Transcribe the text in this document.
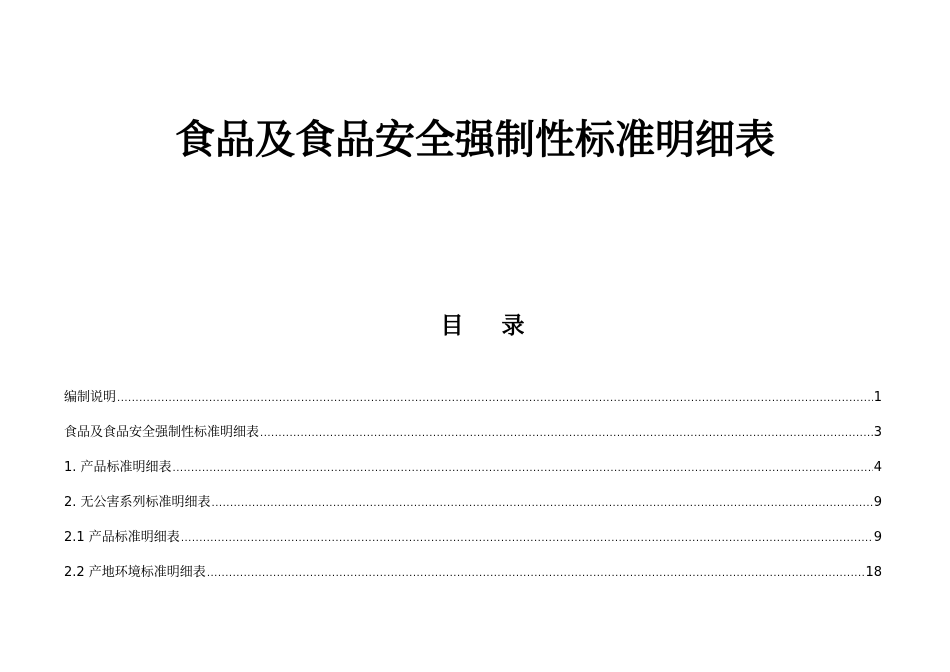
食品及食品安全强制性标准明细表
目 录
编制说明 .....	1
食品及食品安全强制性标准明细表 .....	3
1. 产品标准明细表 .....	4
2. 无公害系列标准明细表 .....	9
2.1 产品标准明细表 .....	9
2.2 产地环境标准明细表 .....	18
